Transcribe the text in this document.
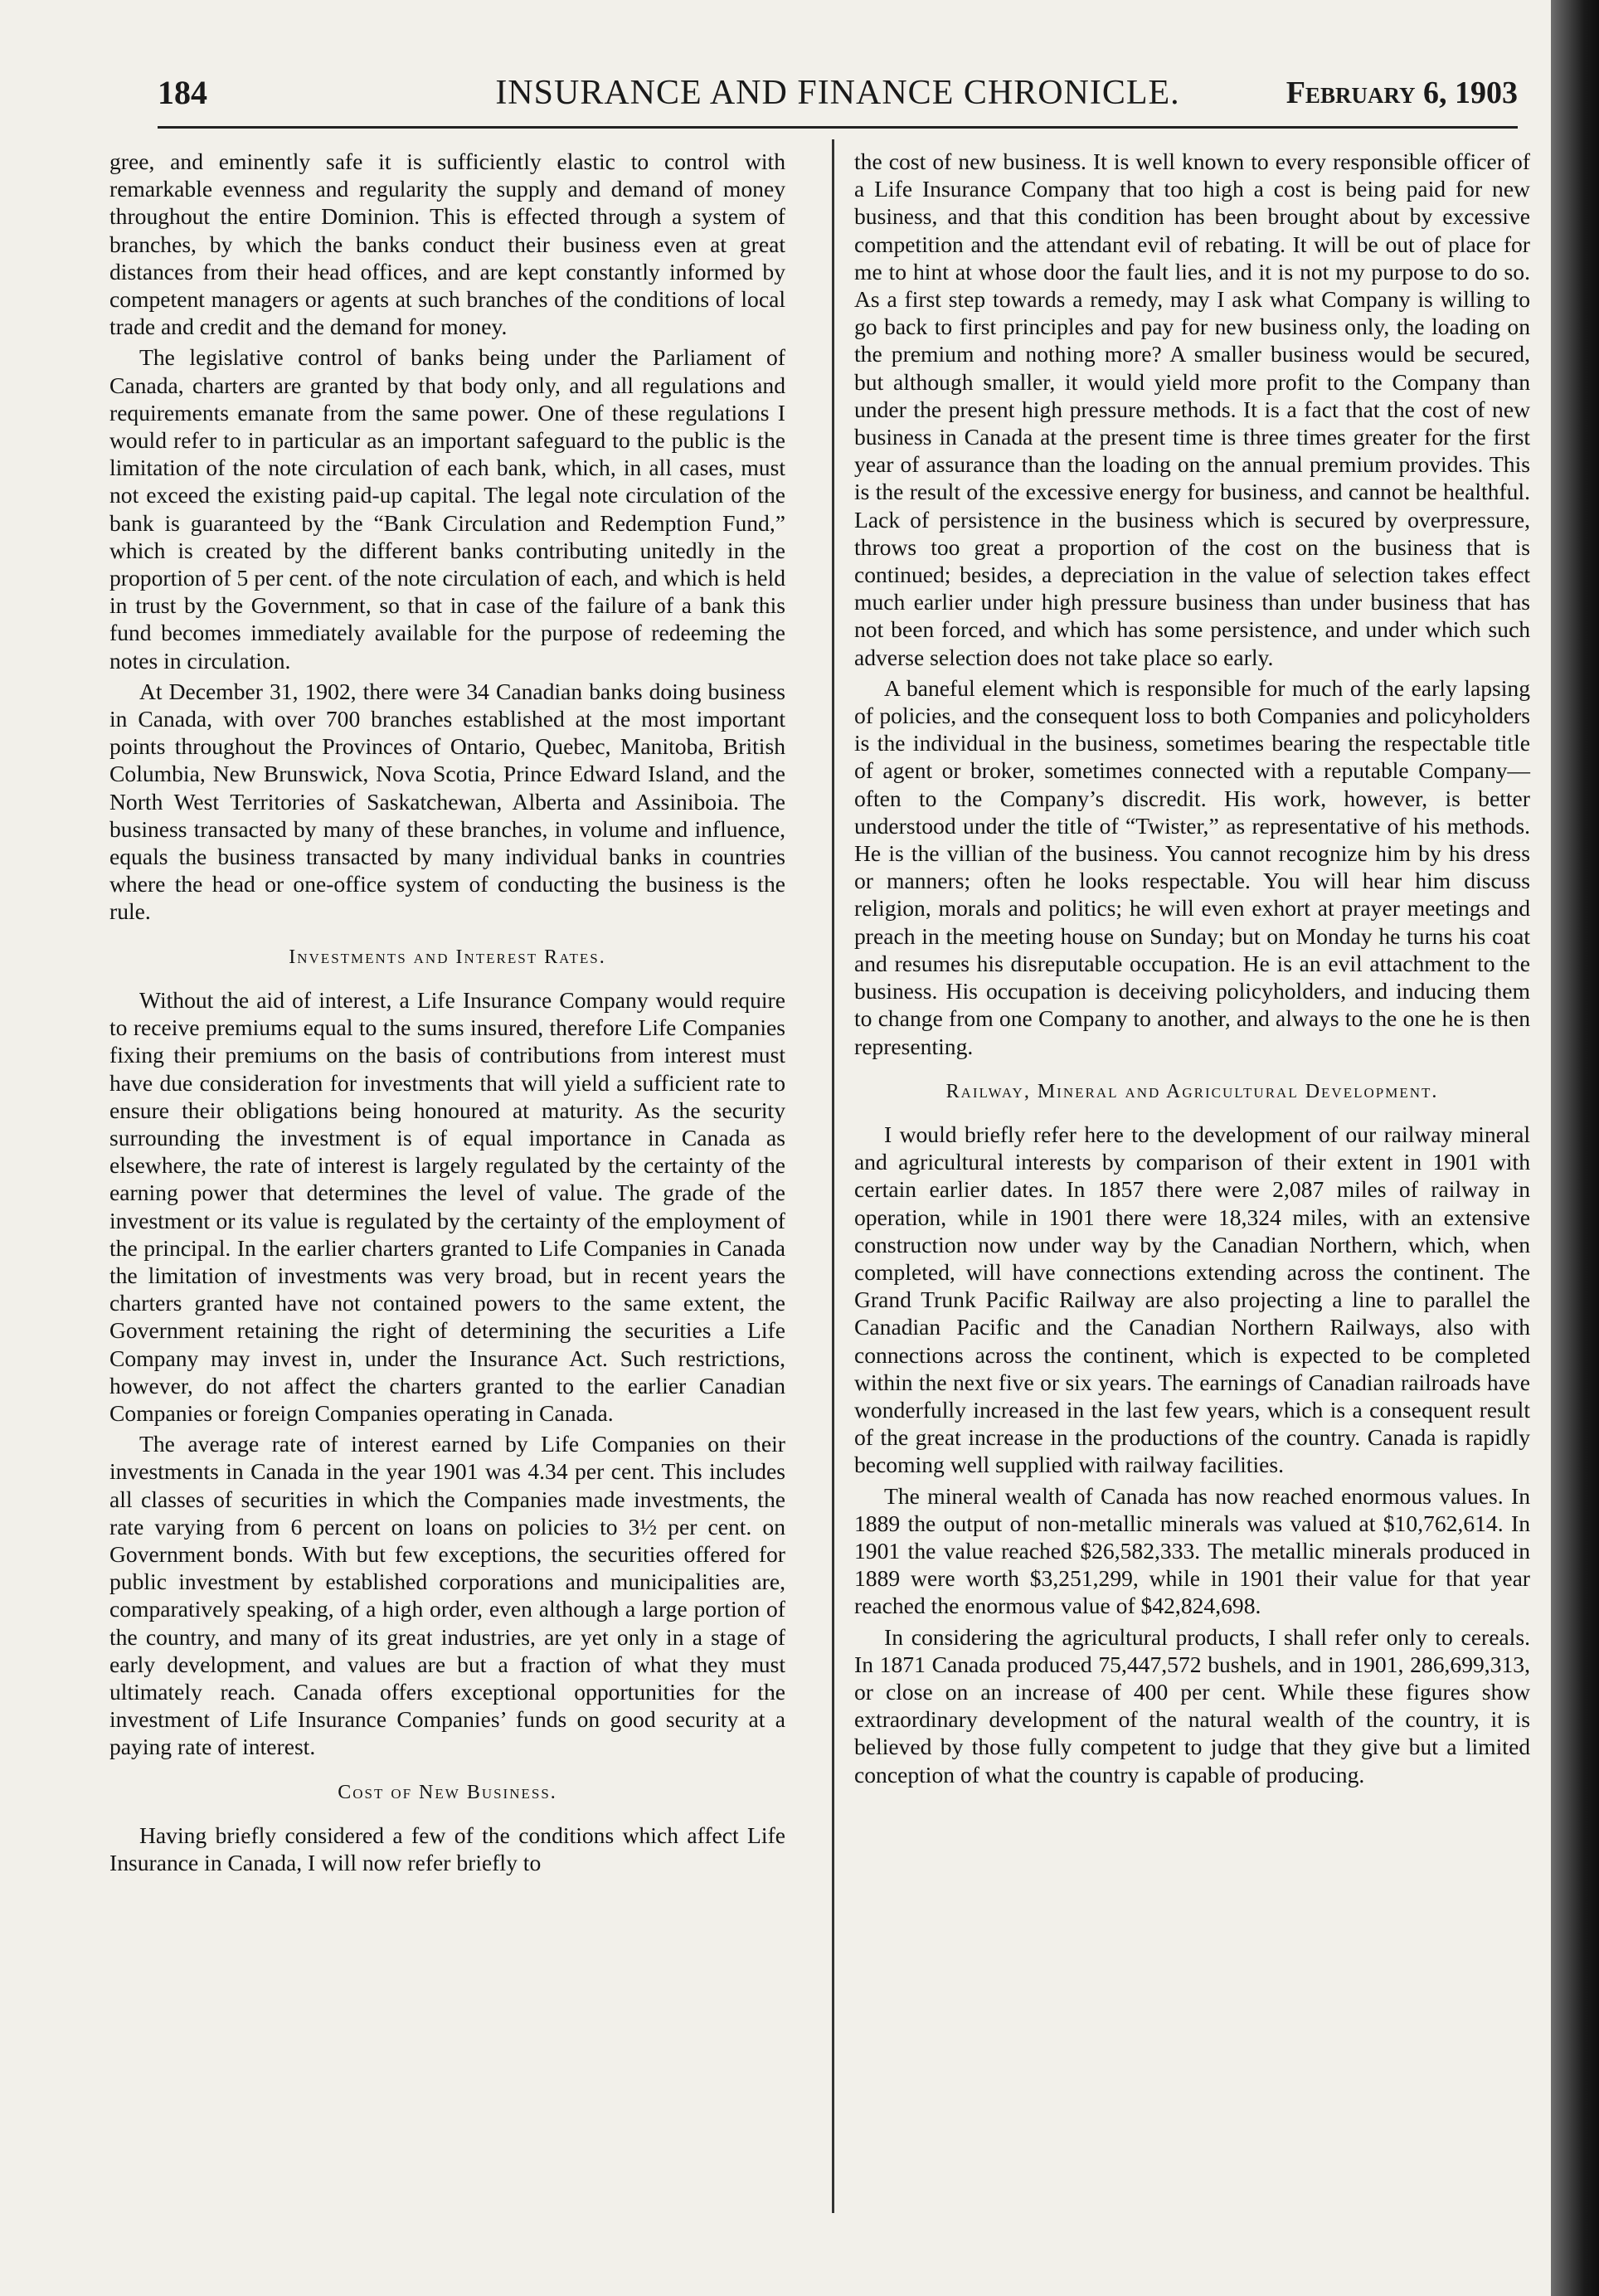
184	INSURANCE AND FINANCE CHRONICLE.	February 6, 1903

gree, and eminently safe it is sufficiently elastic to control with remarkable evenness and regularity the supply and demand of money throughout the entire Dominion. This is effected through a system of branches, by which the banks conduct their business even at great distances from their head offices, and are kept constantly informed by competent managers or agents at such branches of the conditions of local trade and credit and the demand for money.

The legislative control of banks being under the Parliament of Canada, charters are granted by that body only, and all regulations and requirements emanate from the same power. One of these regulations I would refer to in particular as an important safeguard to the public is the limitation of the note circulation of each bank, which, in all cases, must not exceed the existing paid-up capital. The legal note circulation of the bank is guaranteed by the “Bank Circulation and Redemption Fund,” which is created by the different banks contributing unitedly in the proportion of 5 per cent. of the note circulation of each, and which is held in trust by the Government, so that in case of the failure of a bank this fund becomes immediately available for the purpose of redeeming the notes in circulation.

At December 31, 1902, there were 34 Canadian banks doing business in Canada, with over 700 branches established at the most important points throughout the Provinces of Ontario, Quebec, Manitoba, British Columbia, New Brunswick, Nova Scotia, Prince Edward Island, and the North West Territories of Saskatchewan, Alberta and Assiniboia. The business transacted by many of these branches, in volume and influence, equals the business transacted by many individual banks in countries where the head or one-office system of conducting the business is the rule.

Investments and Interest Rates.

Without the aid of interest, a Life Insurance Company would require to receive premiums equal to the sums insured, therefore Life Companies fixing their premiums on the basis of contributions from interest must have due consideration for investments that will yield a sufficient rate to ensure their obligations being honoured at maturity. As the security surrounding the investment is of equal importance in Canada as elsewhere, the rate of interest is largely regulated by the certainty of the earning power that determines the level of value. The grade of the investment or its value is regulated by the certainty of the employment of the principal. In the earlier charters granted to Life Companies in Canada the limitation of investments was very broad, but in recent years the charters granted have not contained powers to the same extent, the Government retaining the right of determining the securities a Life Company may invest in, under the Insurance Act. Such restrictions, however, do not affect the charters granted to the earlier Canadian Companies or foreign Companies operating in Canada.

The average rate of interest earned by Life Companies on their investments in Canada in the year 1901 was 4.34 per cent. This includes all classes of securities in which the Companies made investments, the rate varying from 6 percent on loans on policies to 3½ per cent. on Government bonds. With but few exceptions, the securities offered for public investment by established corporations and municipalities are, comparatively speaking, of a high order, even although a large portion of the country, and many of its great industries, are yet only in a stage of early development, and values are but a fraction of what they must ultimately reach. Canada offers exceptional opportunities for the investment of Life Insurance Companies’ funds on good security at a paying rate of interest.

Cost of New Business.

Having briefly considered a few of the conditions which affect Life Insurance in Canada, I will now refer briefly to

the cost of new business. It is well known to every responsible officer of a Life Insurance Company that too high a cost is being paid for new business, and that this condition has been brought about by excessive competition and the attendant evil of rebating. It will be out of place for me to hint at whose door the fault lies, and it is not my purpose to do so. As a first step towards a remedy, may I ask what Company is willing to go back to first principles and pay for new business only, the loading on the premium and nothing more? A smaller business would be secured, but although smaller, it would yield more profit to the Company than under the present high pressure methods. It is a fact that the cost of new business in Canada at the present time is three times greater for the first year of assurance than the loading on the annual premium provides. This is the result of the excessive energy for business, and cannot be healthful. Lack of persistence in the business which is secured by overpressure, throws too great a proportion of the cost on the business that is continued; besides, a depreciation in the value of selection takes effect much earlier under high pressure business than under business that has not been forced, and which has some persistence, and under which such adverse selection does not take place so early.

A baneful element which is responsible for much of the early lapsing of policies, and the consequent loss to both Companies and policyholders is the individual in the business, sometimes bearing the respectable title of agent or broker, sometimes connected with a reputable Company—often to the Company’s discredit. His work, however, is better understood under the title of “Twister,” as representative of his methods. He is the villian of the business. You cannot recognize him by his dress or manners; often he looks respectable. You will hear him discuss religion, morals and politics; he will even exhort at prayer meetings and preach in the meeting house on Sunday; but on Monday he turns his coat and resumes his disreputable occupation. He is an evil attachment to the business. His occupation is deceiving policyholders, and inducing them to change from one Company to another, and always to the one he is then representing.

Railway, Mineral and Agricultural Development.

I would briefly refer here to the development of our railway mineral and agricultural interests by comparison of their extent in 1901 with certain earlier dates. In 1857 there were 2,087 miles of railway in operation, while in 1901 there were 18,324 miles, with an extensive construction now under way by the Canadian Northern, which, when completed, will have connections extending across the continent. The Grand Trunk Pacific Railway are also projecting a line to parallel the Canadian Pacific and the Canadian Northern Railways, also with connections across the continent, which is expected to be completed within the next five or six years. The earnings of Canadian railroads have wonderfully increased in the last few years, which is a consequent result of the great increase in the productions of the country. Canada is rapidly becoming well supplied with railway facilities.

The mineral wealth of Canada has now reached enormous values. In 1889 the output of non-metallic minerals was valued at $10,762,614. In 1901 the value reached $26,582,333. The metallic minerals produced in 1889 were worth $3,251,299, while in 1901 their value for that year reached the enormous value of $42,824,698.

In considering the agricultural products, I shall refer only to cereals. In 1871 Canada produced 75,447,572 bushels, and in 1901, 286,699,313, or close on an increase of 400 per cent. While these figures show extraordinary development of the natural wealth of the country, it is believed by those fully competent to judge that they give but a limited conception of what the country is capable of producing.
